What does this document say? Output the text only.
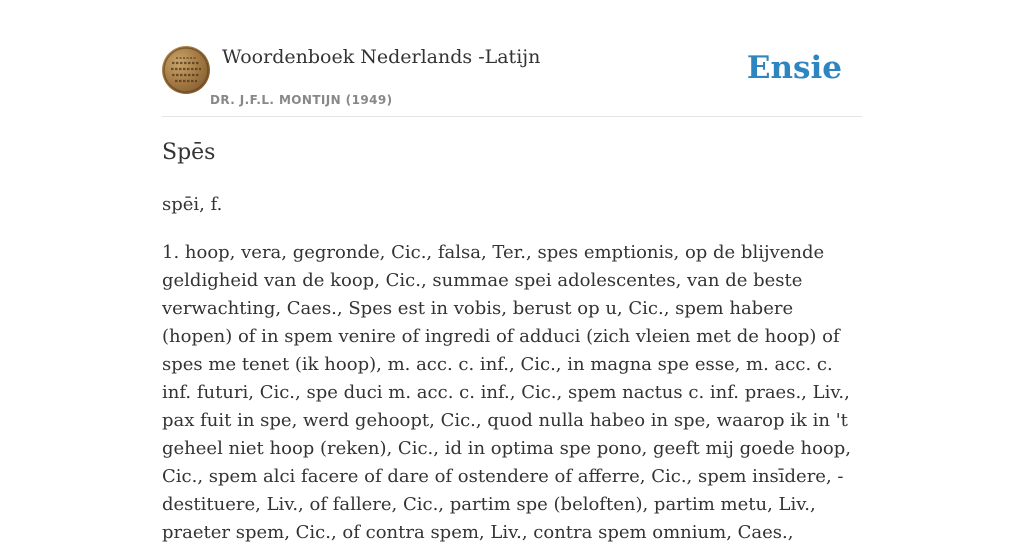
Woordenboek Nederlands -Latijn
DR. J.F.L. MONTIJN (1949)
Ensie
Spēs
spēi, f.

1. hoop, vera, gegronde, Cic., falsa, Ter., spes emptionis, op de blijvende geldigheid van de koop, Cic., summae spei adolescentes, van de beste verwachting, Caes., Spes est in vobis, berust op u, Cic., spem habere (hopen) of in spem venire of ingredi of adduci (zich vleien met de hoop) of spes me tenet (ik hoop), m. acc. c. inf., Cic., in magna spe esse, m. acc. c. inf. futuri, Cic., spe duci m. acc. c. inf., Cic., spem nactus c. inf. praes., Liv., pax fuit in spe, werd gehoopt, Cic., quod nulla habeo in spe, waarop ik in 't geheel niet hoop (reken), Cic., id in optima spe pono, geeft mij goede hoop, Cic., spem alci facere of dare of ostendere of afferre, Cic., spem insīdere, - destituere, Liv., of fallere, Cic., partim spe (beloften), partim metu, Liv., praeter spem, Cic., of contra spem, Liv., contra spem omnium, Caes.,
